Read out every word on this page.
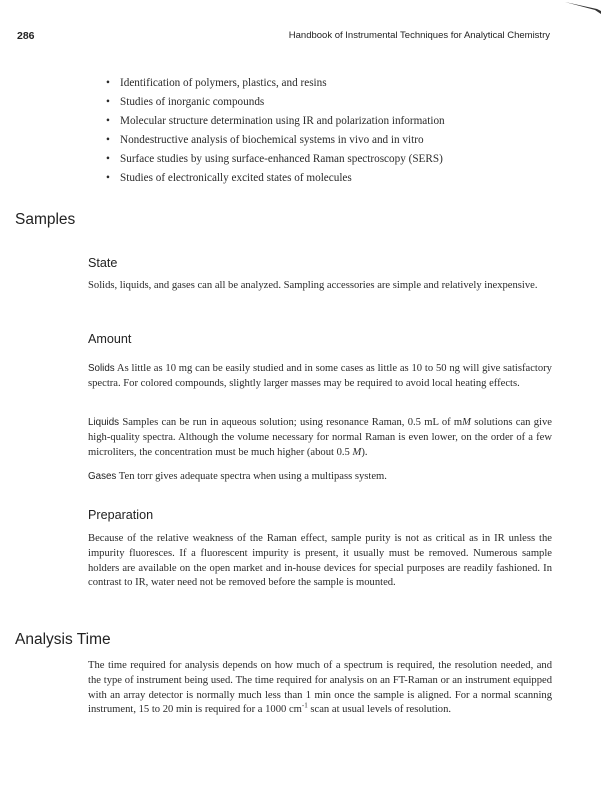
286	Handbook of Instrumental Techniques for Analytical Chemistry
• Identification of polymers, plastics, and resins
• Studies of inorganic compounds
• Molecular structure determination using IR and polarization information
• Nondestructive analysis of biochemical systems in vivo and in vitro
• Surface studies by using surface-enhanced Raman spectroscopy (SERS)
• Studies of electronically excited states of molecules
Samples
State

Solids, liquids, and gases can all be analyzed. Sampling accessories are simple and relatively inexpensive.

Amount

Solids As little as 10 mg can be easily studied and in some cases as little as 10 to 50 ng will give satisfactory spectra. For colored compounds, slightly larger masses may be required to avoid local heating effects.

Liquids Samples can be run in aqueous solution; using resonance Raman, 0.5 mL of mM solutions can give high-quality spectra. Although the volume necessary for normal Raman is even lower, on the order of a few microliters, the concentration must be much higher (about 0.5 M).

Gases Ten torr gives adequate spectra when using a multipass system.

Preparation

Because of the relative weakness of the Raman effect, sample purity is not as critical as in IR unless the impurity fluoresces. If a fluorescent impurity is present, it usually must be removed. Numerous sample holders are available on the open market and in-house devices for special purposes are readily fashioned. In contrast to IR, water need not be removed before the sample is mounted.

Analysis Time

The time required for analysis depends on how much of a spectrum is required, the resolution needed, and the type of instrument being used. The time required for analysis on an FT-Raman or an instrument equipped with an array detector is normally much less than 1 min once the sample is aligned. For a normal scanning instrument, 15 to 20 min is required for a 1000 $cm^{-1}$ scan at usual levels of resolution.
